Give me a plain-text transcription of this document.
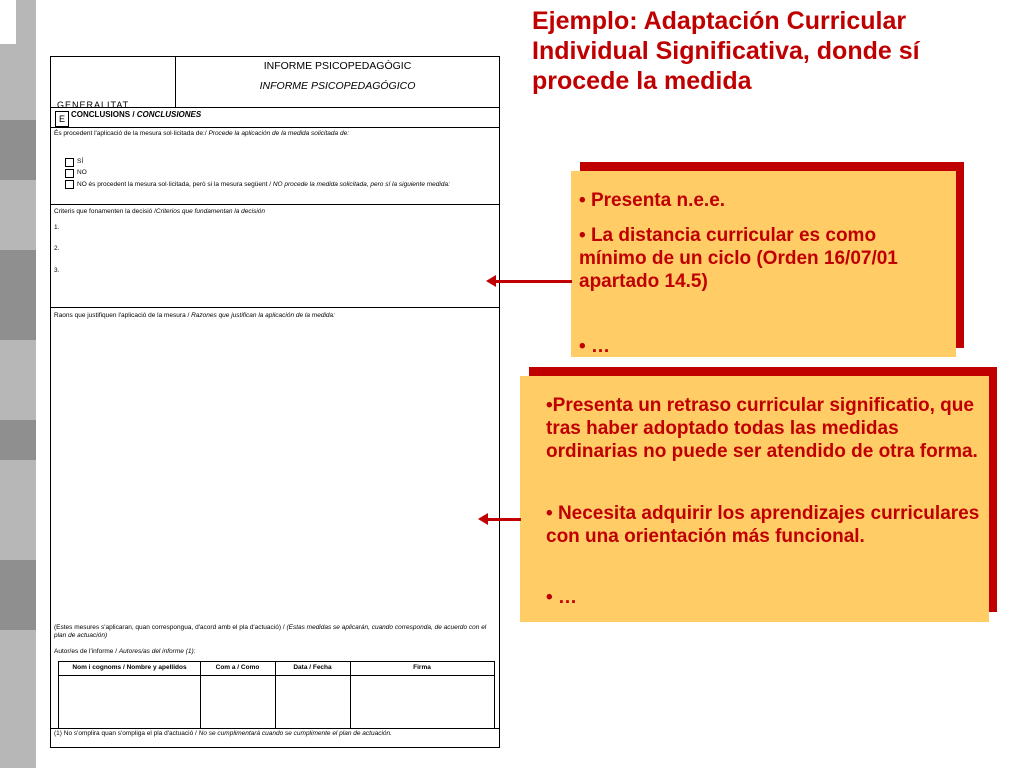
Ejemplo: Adaptación Curricular Individual Significativa, donde sí procede la medida
GENERALITAT
INFORME PSICOPEDAGÒGIC
INFORME PSICOPEDAGÓGICO
E CONCLUSIONS / CONCLUSIONES
És procedent l'aplicació de la mesura sol·licitada de:/ Procede la aplicación de la medida solicitada de:
SÍ
NO
NO és procedent la mesura sol·licitada, però si la mesura següent / NO procede la medida solicitada, pero sí la siguiente medida:
Criteris que fonamenten la decisió /Criterios que fundamentan la decisión
1.
2.
3.
Raons que justifiquen l'aplicació de la mesura / Razones que justifican la aplicación de la medida:
(Estes mesures s'aplicaran, quan correspongua, d'acord amb el pla d'actuació) / (Estas medidas se aplicarán, cuando corresponda, de acuerdo con el plan de actuación)
Autor/es de l'informe / Autores/as del informe (1):
Nom i cognoms / Nombre y apellidos	Com a / Como	Data / Fecha	Firma
(1) No s'omplira quan s'ompliga el pla d'actuació / No se cumplimentará cuando se cumplimente el plan de actuación.

• Presenta n.e.e.

• La distancia curricular es como mínimo de un ciclo (Orden 16/07/01 apartado 14.5)

• …

•Presenta un retraso curricular significatio, que tras haber adoptado todas las medidas ordinarias no puede ser atendido de otra forma.

• Necesita adquirir los aprendizajes curriculares con una orientación más funcional.

• …
